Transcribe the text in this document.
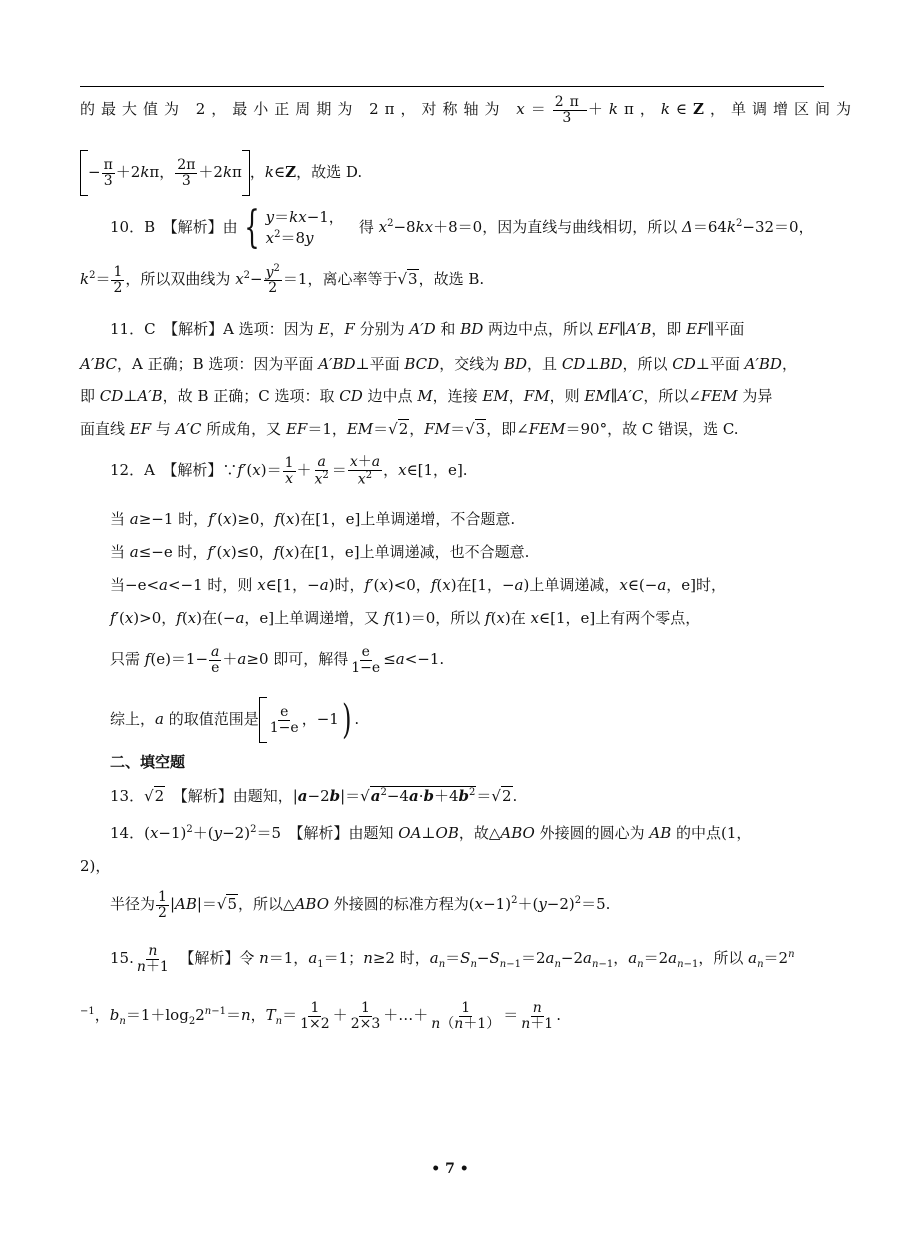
的最大值为 2，最小正周期为 2π，对称轴为 $x= \frac{2\pi}{3} +k\pi$，k∈Z，单调增区间为
− $\frac{\pi}{3} +2k\pi$， $\frac{2\pi}{3} +2k\pi$ ，k∈Z，故选 D.
10．B　【解析】由 { y＝kx−1，
$x^2=8y$
　得 $x^2-8kx+8=0$，因为直线与曲线相切，所以 $\Delta=64k^2-32=0$，
$k^2= \frac{1}{2}$ ，所以双曲线为 $x^2- \frac{y^2}{2} =1$，离心率等于√3，故选 B.
11．C　【解析】A 选项：因为 E，F 分别为 A′D 和 BD 两边中点，所以 EF∥A′B，即 EF∥平面
A′BC，A 正确；B 选项：因为平面 A′BD⊥平面 BCD，交线为 BD，且 CD⊥BD，所以 CD⊥平面 A′BD，
即 CD⊥A′B，故 B 正确；C 选项：取 CD 边中点 M，连接 EM，FM，则 EM∥A′C，所以∠FEM 为异
面直线 EF 与 A′C 所成角，又 EF＝1，EM＝√2，FM＝√3，即∠FEM＝90°，故 C 错误，选 C.
12．A　【解析】∵f′(x)＝ $\frac{1}{x} + \frac{a}{x^2} = \frac{x+a}{x^2}$ ，x∈[1，e].
当 a≥−1 时，f′(x)≥0，f(x)在[1，e]上单调递增，不合题意.
当 a≤−e 时，f′(x)≤0，f(x)在[1，e]上单调递减，也不合题意.
当−e<a<−1 时，则 x∈[1，−a)时，f′(x)<0，f(x)在[1，−a)上单调递减，x∈(−a，e]时，
f′(x)>0，f(x)在(−a，e]上单调递增，又 f(1)＝0，所以 f(x)在 x∈[1，e]上有两个零点，
只需 $f(e)=1- \frac{a}{e} +a\ge 0$ 即可，解得 $\frac{e}{1-e} \le a<-1$.
综上，a 的取值范围是 $\frac{e}{1-e}$ ，−1) .
二、填空题
13．√2　【解析】由题知，$|a-2b|=√a^2-4a\cdot b+4b^2=√2$.
14．$(x-1)^2+(y-2)^2=5$　【解析】由题知 OA⊥OB，故△ABO 外接圆的圆心为 AB 的中点(1，
2)，
半径为 $\frac{1}{2} |AB|=√5$，所以△ABO 外接圆的标准方程为$(x-1)^2+(y-2)^2=5$.
15. $\frac{n}{n+1}$ 　【解析】令 n＝1，$a_1=1$；n≥2 时，$a_n=S_n-S_{n-1}=2a_n-2a_{n-1}$，$a_n=2a_{n-1}$，所以 $a_n=2^n$
$^{-1}$，$b_n=1+\log_22^{n-1}=n$，$T_n= \frac{1}{1\times 2} + \frac{1}{2\times 3}$ ＋…＋ $\frac{1}{n(n+1)} = \frac{n}{n+1}$ .
• 7 •
